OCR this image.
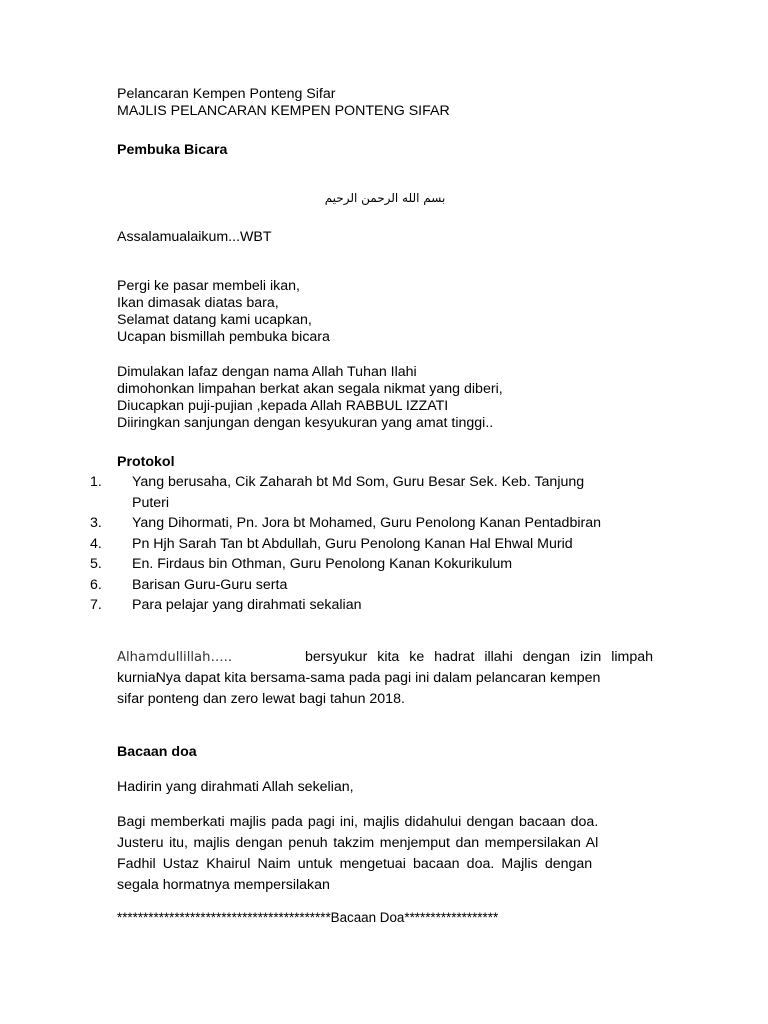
Pelancaran Kempen Ponteng Sifar
MAJLIS PELANCARAN KEMPEN PONTENG SIFAR
Pembuka Bicara
بسم الله الرحمن الرحيم
Assalamualaikum...WBT
Pergi ke pasar membeli ikan,
Ikan dimasak diatas bara,
Selamat datang kami ucapkan,
Ucapan bismillah pembuka bicara
Dimulakan lafaz dengan nama Allah Tuhan Ilahi
dimohonkan limpahan berkat akan segala nikmat yang diberi,
Diucapkan puji-pujian ,kepada Allah RABBUL IZZATI
Diiringkan sanjungan dengan kesyukuran yang amat tinggi..
Protokol
1.	Yang berusaha, Cik Zaharah bt Md Som, Guru Besar Sek. Keb. Tanjung
Puteri
3.	Yang Dihormati, Pn. Jora bt Mohamed, Guru Penolong Kanan Pentadbiran
4.	Pn Hjh Sarah Tan bt Abdullah, Guru Penolong Kanan Hal Ehwal Murid
5.	En. Firdaus bin Othman, Guru Penolong Kanan Kokurikulum
6.	Barisan Guru-Guru serta
7.	Para pelajar yang dirahmati sekalian
Alhamdullillah…..	bersyukur kita ke hadrat illahi dengan izin limpah
kurniaNya dapat kita bersama-sama pada pagi ini dalam pelancaran kempen
sifar ponteng dan zero lewat bagi tahun 2018.
Bacaan doa
Hadirin yang dirahmati Allah sekelian,
Bagi memberkati majlis pada pagi ini, majlis didahului dengan bacaan doa.
Justeru itu, majlis dengan penuh takzim menjemput dan mempersilakan Al
Fadhil Ustaz Khairul Naim untuk mengetuai bacaan doa. Majlis dengan
segala hormatnya mempersilakan
*****************************************Bacaan Doa******************
